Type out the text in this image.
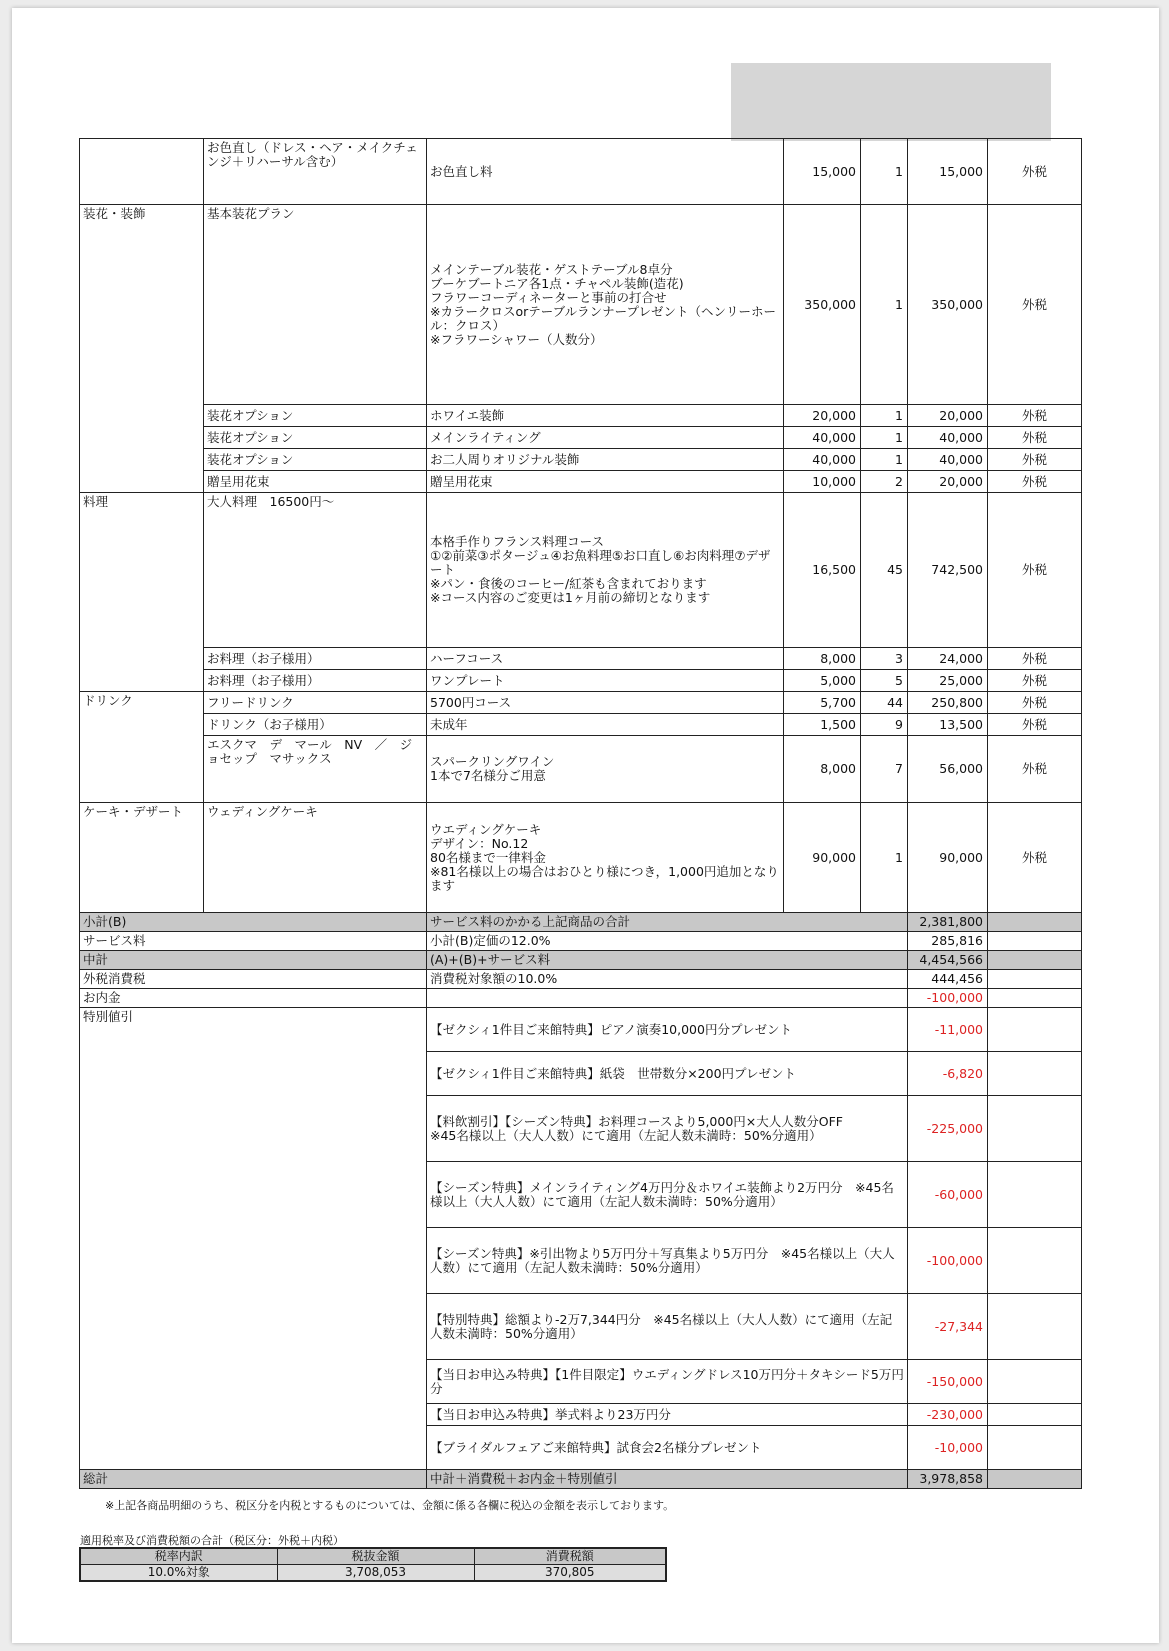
	お色直し（ドレス・ヘア・メイクチェンジ＋リハーサル含む）	お色直し料	15,000	1	15,000	外税
装花・装飾	基本装花プラン	メインテーブル装花・ゲストテーブル8卓分
ブーケブートニア各1点・チャペル装飾(造花)
フラワーコーディネーターと事前の打合せ
※カラークロスorテーブルランナープレゼント（ヘンリーホール：クロス）
※フラワーシャワー（人数分）	350,000	1	350,000	外税
	装花オプション	ホワイエ装飾	20,000	1	20,000	外税
	装花オプション	メインライティング	40,000	1	40,000	外税
	装花オプション	お二人周りオリジナル装飾	40,000	1	40,000	外税
	贈呈用花束	贈呈用花束	10,000	2	20,000	外税
料理	大人料理　16500円～	本格手作りフランス料理コース
①②前菜③ポタージュ④お魚料理⑤お口直し⑥お肉料理⑦デザート
※パン・食後のコーヒー/紅茶も含まれております
※コース内容のご変更は1ヶ月前の締切となります	16,500	45	742,500	外税
	お料理（お子様用）	ハーフコース	8,000	3	24,000	外税
	お料理（お子様用）	ワンプレート	5,000	5	25,000	外税
ドリンク	フリードリンク	5700円コース	5,700	44	250,800	外税
	ドリンク（お子様用）	未成年	1,500	9	13,500	外税
	エスクマ　デ　マール　NV　／　ジョセップ　マサックス	スパークリングワイン
1本で7名様分ご用意	8,000	7	56,000	外税
ケーキ・デザート	ウェディングケーキ	ウエディングケーキ
デザイン：No.12
80名様まで一律料金
※81名様以上の場合はおひとり様につき，1,000円追加となります	90,000	1	90,000	外税
小計(B)		サービス料のかかる上記商品の合計			2,381,800	
サービス料		小計(B)定価の12.0%			285,816	
中計		(A)+(B)+サービス料			4,454,566	
外税消費税		消費税対象額の10.0%			444,456	
お内金					-100,000	
特別値引		【ゼクシィ1件目ご来館特典】ピアノ演奏10,000円分プレゼント			-11,000	
		【ゼクシィ1件目ご来館特典】紙袋　世帯数分×200円プレゼント			-6,820	
		【料飲割引】【シーズン特典】お料理コースより5,000円×大人人数分OFF
※45名様以上（大人人数）にて適用（左記人数未満時：50%分適用）			-225,000	
		【シーズン特典】メインライティング4万円分＆ホワイエ装飾より2万円分　※45名様以上（大人人数）にて適用（左記人数未満時：50%分適用）			-60,000	
		【シーズン特典】※引出物より5万円分＋写真集より5万円分　※45名様以上（大人人数）にて適用（左記人数未満時：50%分適用）			-100,000	
		【特別特典】総額より-2万7,344円分　※45名様以上（大人人数）にて適用（左記人数未満時：50%分適用）			-27,344	
		【当日お申込み特典】【1件目限定】ウエディングドレス10万円分＋タキシード5万円分			-150,000	
		【当日お申込み特典】挙式料より23万円分			-230,000	
		【ブライダルフェアご来館特典】試食会2名様分プレゼント			-10,000	
総計		中計＋消費税＋お内金＋特別値引			3,978,858	
※上記各商品明細のうち、税区分を内税とするものについては、金額に係る各欄に税込の金額を表示しております。
適用税率及び消費税額の合計（税区分：外税＋内税）
税率内訳	税抜金額	消費税額
10.0%対象	3,708,053	370,805
